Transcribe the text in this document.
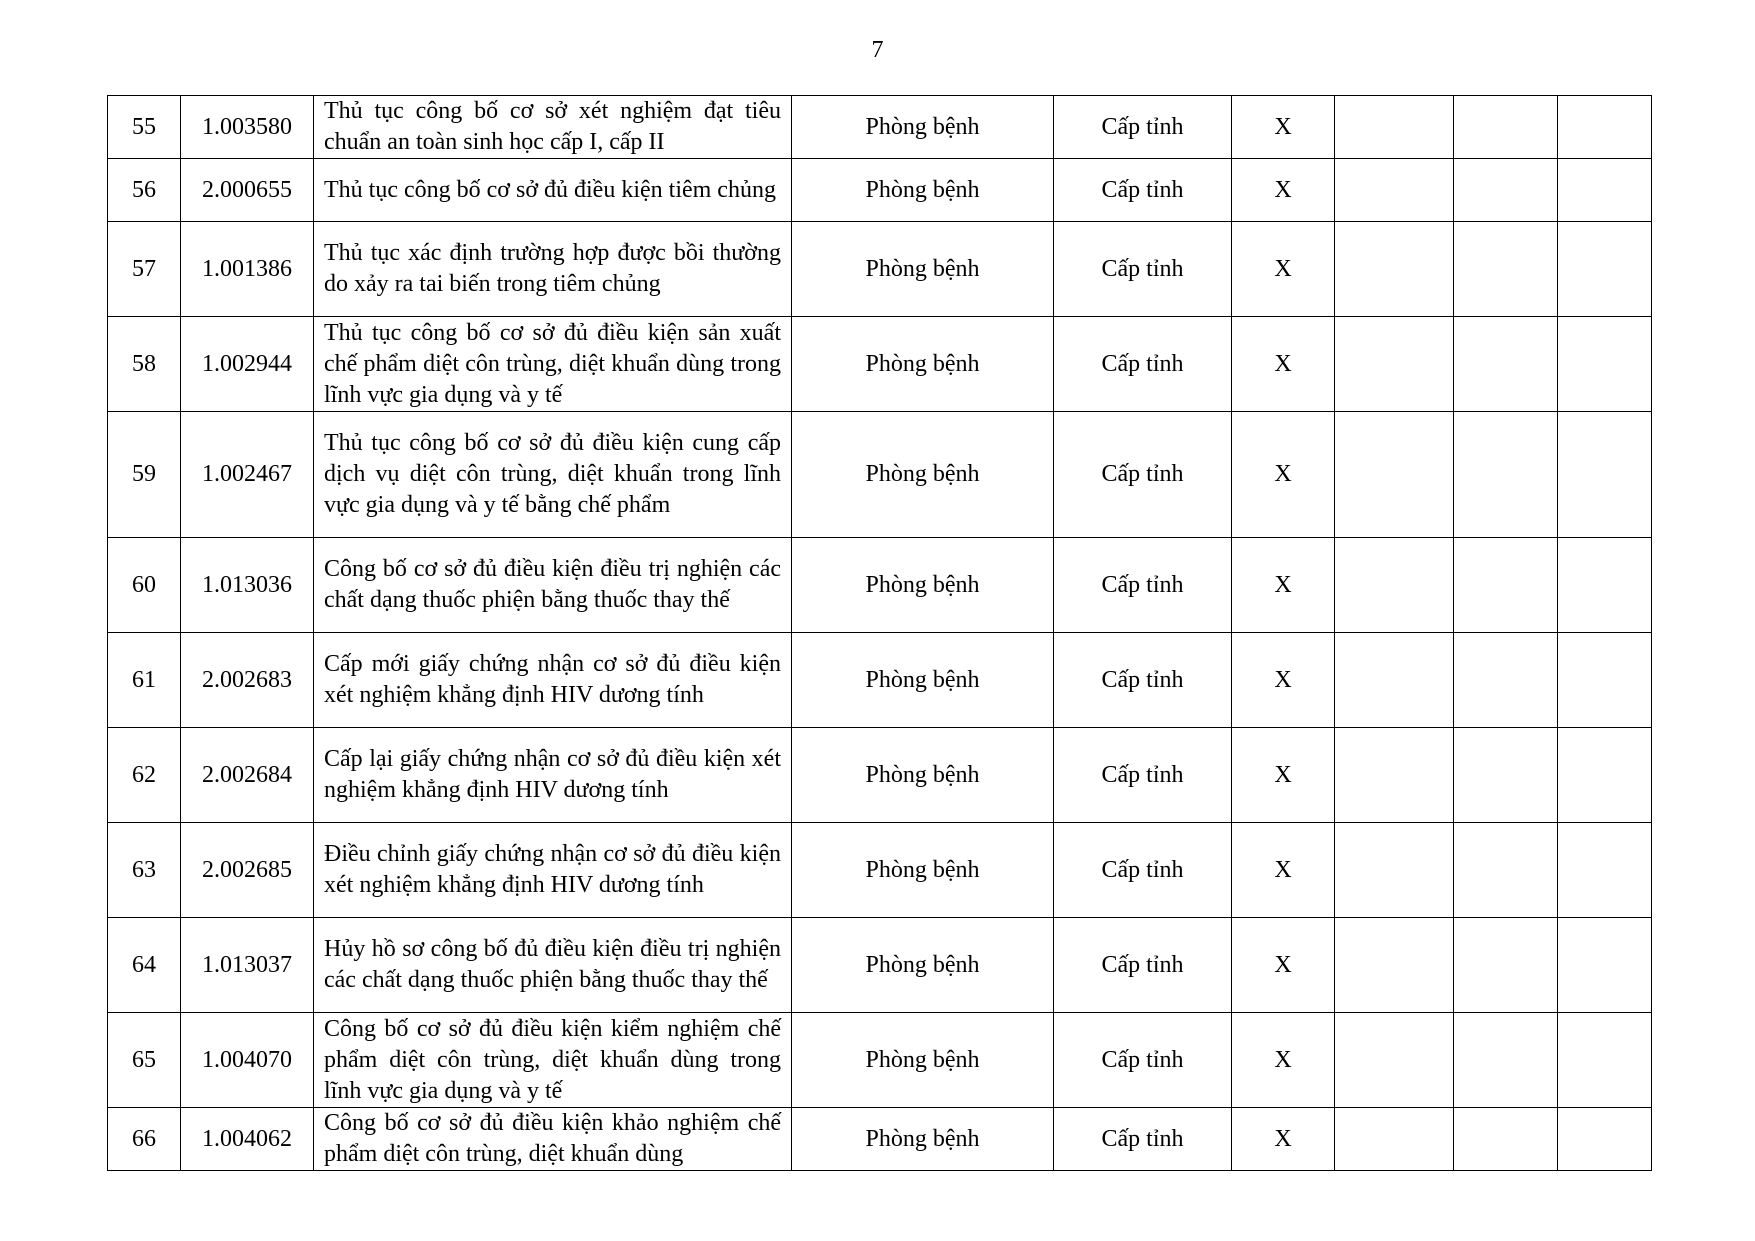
7
55	1.003580	Thủ tục công bố cơ sở xét nghiệm đạt tiêu chuẩn an toàn sinh học cấp I, cấp II	Phòng bệnh	Cấp tỉnh	X			
56	2.000655	Thủ tục công bố cơ sở đủ điều kiện tiêm chủng	Phòng bệnh	Cấp tỉnh	X			
57	1.001386	Thủ tục xác định trường hợp được bồi thường do xảy ra tai biến trong tiêm chủng	Phòng bệnh	Cấp tỉnh	X			
58	1.002944	Thủ tục công bố cơ sở đủ điều kiện sản xuất chế phẩm diệt côn trùng, diệt khuẩn dùng trong lĩnh vực gia dụng và y tế	Phòng bệnh	Cấp tỉnh	X			
59	1.002467	Thủ tục công bố cơ sở đủ điều kiện cung cấp dịch vụ diệt côn trùng, diệt khuẩn trong lĩnh vực gia dụng và y tế bằng chế phẩm	Phòng bệnh	Cấp tỉnh	X			
60	1.013036	Công bố cơ sở đủ điều kiện điều trị nghiện các chất dạng thuốc phiện bằng thuốc thay thế	Phòng bệnh	Cấp tỉnh	X			
61	2.002683	Cấp mới giấy chứng nhận cơ sở đủ điều kiện xét nghiệm khẳng định HIV dương tính	Phòng bệnh	Cấp tỉnh	X			
62	2.002684	Cấp lại giấy chứng nhận cơ sở đủ điều kiện xét nghiệm khẳng định HIV dương tính	Phòng bệnh	Cấp tỉnh	X			
63	2.002685	Điều chỉnh giấy chứng nhận cơ sở đủ điều kiện xét nghiệm khẳng định HIV dương tính	Phòng bệnh	Cấp tỉnh	X			
64	1.013037	Hủy hồ sơ công bố đủ điều kiện điều trị nghiện các chất dạng thuốc phiện bằng thuốc thay thế	Phòng bệnh	Cấp tỉnh	X			
65	1.004070	Công bố cơ sở đủ điều kiện kiểm nghiệm chế phẩm diệt côn trùng, diệt khuẩn dùng trong lĩnh vực gia dụng và y tế	Phòng bệnh	Cấp tỉnh	X			
66	1.004062	Công bố cơ sở đủ điều kiện khảo nghiệm chế phẩm diệt côn trùng, diệt khuẩn dùng	Phòng bệnh	Cấp tỉnh	X			
